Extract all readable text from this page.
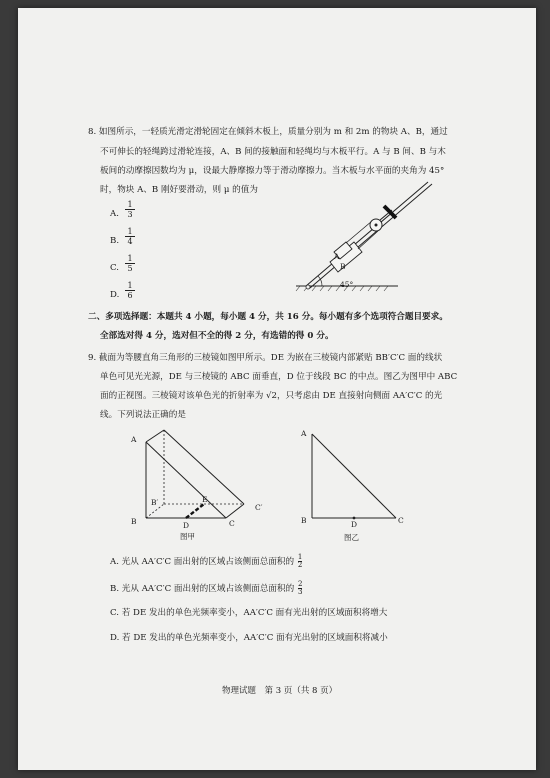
8. 如图所示，一轻质光滑定滑轮固定在倾斜木板上，质量分别为 m 和 2m 的物块 A、B，通过
不可伸长的轻绳跨过滑轮连接，A、B 间的接触面和轻绳均与木板平行。A 与 B 间、B 与木
板间的动摩擦因数均为 μ，设最大静摩擦力等于滑动摩擦力。当木板与水平面的夹角为 45°
时，物块 A、B 刚好要滑动，则 μ 的值为
A.
1
3
B.
1
4
C.
1
5
D.
1
6
A
B
45°
二、多项选择题：本题共 4 小题，每小题 4 分，共 16 分。每小题有多个选项符合题目要求。
全部选对得 4 分，选对但不全的得 2 分，有选错的得 0 分。
9. 截面为等腰直角三角形的三棱镜如图甲所示。DE 为嵌在三棱镜内部紧贴 BB′C′C 面的线状
单色可见光光源，DE 与三棱镜的 ABC 面垂直，D 位于线段 BC 的中点。图乙为图甲中 ABC
面的正视图。三棱镜对该单色光的折射率为 √2，只考虑由 DE 直接射向侧面 AA′C′C 的光
线。下列说法正确的是
A
B	C
D
E
B′
C′
图甲
A
B	C
D
图乙
A. 光从 AA′C′C 面出射的区域占该侧面总面积的 $\frac{1}{2}$
B. 光从 AA′C′C 面出射的区域占该侧面总面积的 $\frac{2}{3}$
C. 若 DE 发出的单色光频率变小，AA′C′C 面有光出射的区域面积将增大
D. 若 DE 发出的单色光频率变小，AA′C′C 面有光出射的区域面积将减小
物理试题　第 3 页（共 8 页）
